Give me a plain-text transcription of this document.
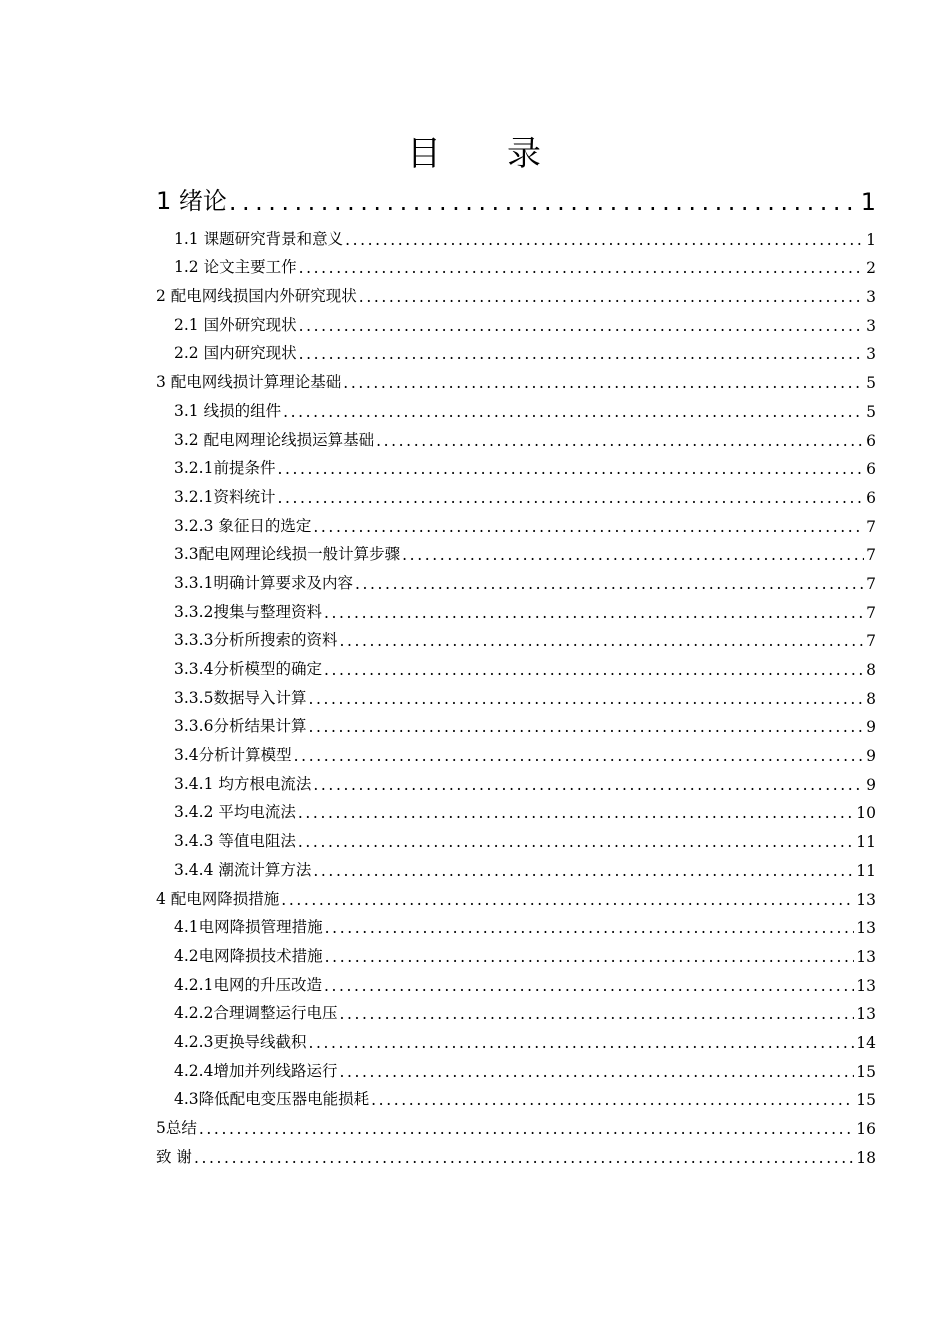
目 录
1 绪论 .....	1
1.1 课题研究背景和意义 .....	1
1.2 论文主要工作 .....	2
2 配电网线损国内外研究现状 .....	3
2.1 国外研究现状 .....	3
2.2 国内研究现状 .....	3
3 配电网线损计算理论基础 .....	5
3.1 线损的组件 .....	5
3.2 配电网理论线损运算基础 .....	6
3.2.1前提条件 .....	6
3.2.1资料统计 .....	6
3.2.3 象征日的选定 .....	7
3.3配电网理论线损一般计算步骤 .....	7
3.3.1明确计算要求及内容 .....	7
3.3.2搜集与整理资料 .....	7
3.3.3分析所搜索的资料 .....	7
3.3.4分析模型的确定 .....	8
3.3.5数据导入计算 .....	8
3.3.6分析结果计算 .....	9
3.4分析计算模型 .....	9
3.4.1 均方根电流法 .....	9
3.4.2 平均电流法 .....	10
3.4.3 等值电阻法 .....	11
3.4.4 潮流计算方法 .....	11
4 配电网降损措施 .....	13
4.1电网降损管理措施 .....	13
4.2电网降损技术措施 .....	13
4.2.1电网的升压改造 .....	13
4.2.2合理调整运行电压 .....	13
4.2.3更换导线截积 .....	14
4.2.4增加并列线路运行 .....	15
4.3降低配电变压器电能损耗 .....	15
5总结 .....	16
致 谢 .....	18
